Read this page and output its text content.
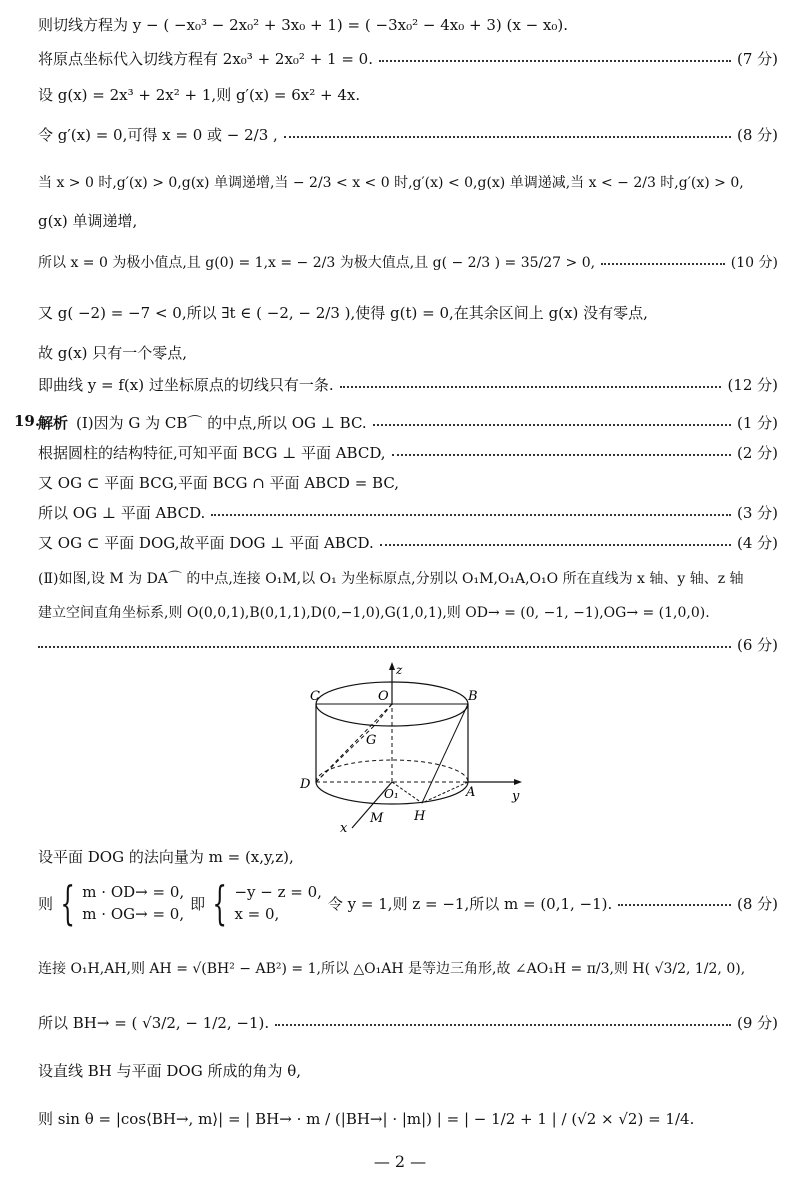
则切线方程为 y − ( −x₀³ − 2x₀² + 3x₀ + 1) = ( −3x₀² − 4x₀ + 3) (x − x₀).
将原点坐标代入切线方程有 2x₀³ + 2x₀² + 1 = 0.	(7 分)
设 g(x) = 2x³ + 2x² + 1,则 g′(x) = 6x² + 4x.
令 g′(x) = 0,可得 x = 0 或 − 2/3 ,	(8 分)
当 x > 0 时,g′(x) > 0,g(x) 单调递增,当 − 2/3 < x < 0 时,g′(x) < 0,g(x) 单调递减,当 x < − 2/3 时,g′(x) > 0,
g(x) 单调递增,
所以 x = 0 为极小值点,且 g(0) = 1,x = − 2/3 为极大值点,且 g( − 2/3 ) = 35/27 > 0,	(10 分)
又 g( −2) = −7 < 0,所以 ∃t ∈ ( −2, − 2/3 ),使得 g(t) = 0,在其余区间上 g(x) 没有零点,
故 g(x) 只有一个零点,
即曲线 y = f(x) 过坐标原点的切线只有一条.	(12 分)
19.
解析 (Ⅰ)因为 G 为 CB⌒ 的中点,所以 OG ⊥ BC.	(1 分)
根据圆柱的结构特征,可知平面 BCG ⊥ 平面 ABCD,	(2 分)
又 OG ⊂ 平面 BCG,平面 BCG ∩ 平面 ABCD = BC,
所以 OG ⊥ 平面 ABCD.	(3 分)
又 OG ⊂ 平面 DOG,故平面 DOG ⊥ 平面 ABCD.	(4 分)
(Ⅱ)如图,设 M 为 DA⌒ 的中点,连接 O₁M,以 O₁ 为坐标原点,分别以 O₁M,O₁A,O₁O 所在直线为 x 轴、y 轴、z 轴
建立空间直角坐标系,则 O(0,0,1),B(0,1,1),D(0,−1,0),G(1,0,1),则 OD→ = (0, −1, −1),OG→ = (1,0,0).
(6 分)
C	O
z
B
G
D
O₁	A	y
M H
x
设平面 DOG 的法向量为 m = (x,y,z),
则 { m · OD→ = 0,
m · OG→ = 0,
即 { −y − z = 0,
x = 0,
令 y = 1,则 z = −1,所以 m = (0,1, −1).	(8 分)
连接 O₁H,AH,则 AH = √(BH² − AB²) = 1,所以 △O₁AH 是等边三角形,故 ∠AO₁H = π/3,则 H( √3/2, 1/2, 0),
所以 BH→ = ( √3/2, − 1/2, −1).	(9 分)
设直线 BH 与平面 DOG 所成的角为 θ,
则 sin θ = |cos⟨BH→, m⟩| = | BH→ · m / (|BH→| · |m|) | = | − 1/2 + 1 | / (√2 × √2) = 1/4.
— 2 —
